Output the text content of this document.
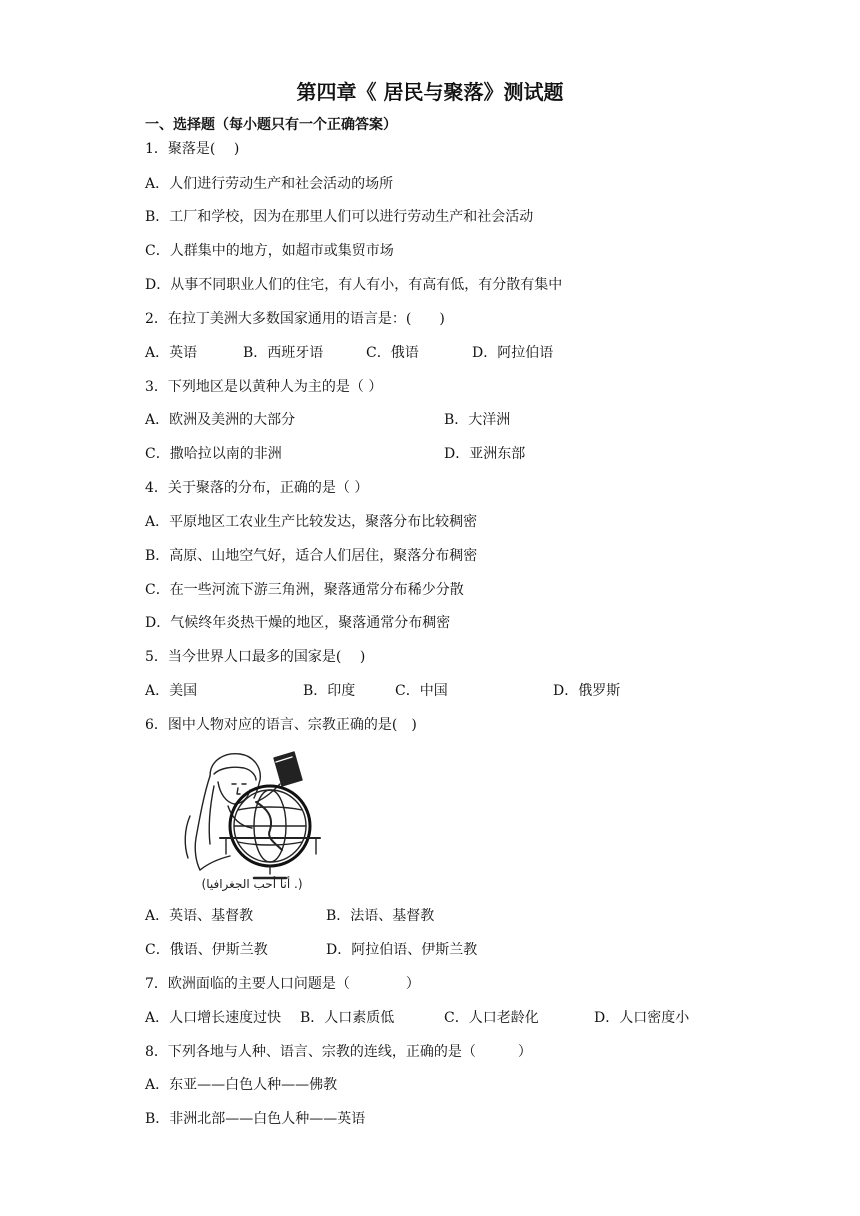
第四章《 居民与聚落》测试题
一、选择题（每小题只有一个正确答案）
1．聚落是(　 )
A．人们进行劳动生产和社会活动的场所
B．工厂和学校，因为在那里人们可以进行劳动生产和社会活动
C．人群集中的地方，如超市或集贸市场
D．从事不同职业人们的住宅，有人有小，有高有低，有分散有集中
2．在拉丁美洲大多数国家通用的语言是：(　　)
A．英语	B．西班牙语	C．俄语	D．阿拉伯语
3．下列地区是以黄种人为主的是（ ）
A．欧洲及美洲的大部分	B．大洋洲
C．撒哈拉以南的非洲	D．亚洲东部
4．关于聚落的分布，正确的是（ ）
A．平原地区工农业生产比较发达，聚落分布比较稠密
B．高原、山地空气好，适合人们居住，聚落分布稠密
C．在一些河流下游三角洲，聚落通常分布稀少分散
D．气候终年炎热干燥的地区，聚落通常分布稠密
5．当今世界人口最多的国家是(　 )
A．美国	B．印度	C．中国	D．俄罗斯
6．图中人物对应的语言、宗教正确的是(　)
(أنا أحب الجغرافيا .)
A．英语、基督教	B．法语、基督教
C．俄语、伊斯兰教	D．阿拉伯语、伊斯兰教
7．欧洲面临的主要人口问题是（　　　　）
A．人口增长速度过快 B．人口素质低	C．人口老龄化	D．人口密度小
8．下列各地与人种、语言、宗教的连线，正确的是（　　　）
A．东亚——白色人种——佛教
B．非洲北部——白色人种——英语
